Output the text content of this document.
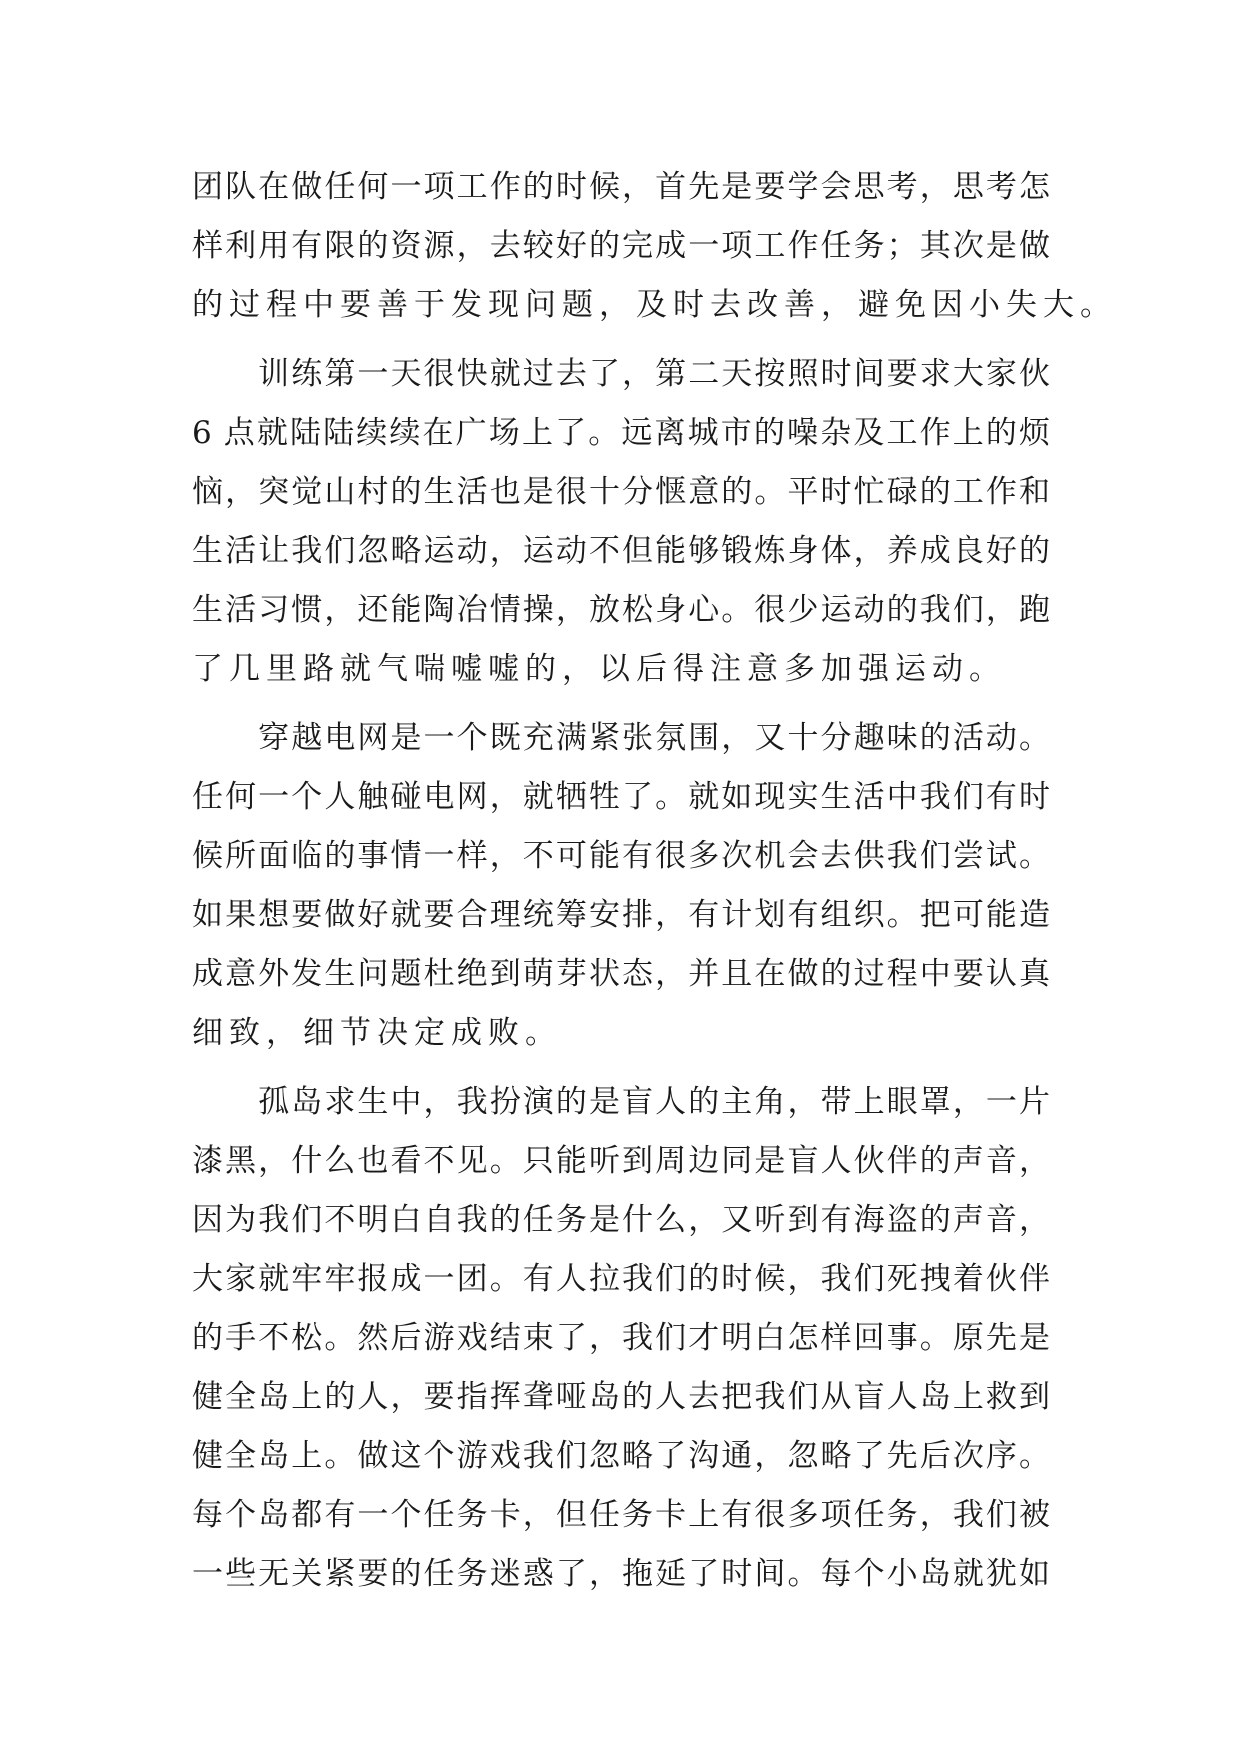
团队在做任何一项工作的时候，首先是要学会思考，思考怎
样利用有限的资源，去较好的完成一项工作任务；其次是做
的过程中要善于发现问题，及时去改善，避免因小失大。
　　训练第一天很快就过去了，第二天按照时间要求大家伙
6 点就陆陆续续在广场上了。远离城市的噪杂及工作上的烦
恼，突觉山村的生活也是很十分惬意的。平时忙碌的工作和
生活让我们忽略运动，运动不但能够锻炼身体，养成良好的
生活习惯，还能陶冶情操，放松身心。很少运动的我们，跑
了几里路就气喘嘘嘘的，以后得注意多加强运动。
　　穿越电网是一个既充满紧张氛围，又十分趣味的活动。
任何一个人触碰电网，就牺牲了。就如现实生活中我们有时
候所面临的事情一样，不可能有很多次机会去供我们尝试。
如果想要做好就要合理统筹安排，有计划有组织。把可能造
成意外发生问题杜绝到萌芽状态，并且在做的过程中要认真
细致，细节决定成败。
　　孤岛求生中，我扮演的是盲人的主角，带上眼罩，一片
漆黑，什么也看不见。只能听到周边同是盲人伙伴的声音，
因为我们不明白自我的任务是什么，又听到有海盗的声音，
大家就牢牢报成一团。有人拉我们的时候，我们死拽着伙伴
的手不松。然后游戏结束了，我们才明白怎样回事。原先是
健全岛上的人，要指挥聋哑岛的人去把我们从盲人岛上救到
健全岛上。做这个游戏我们忽略了沟通，忽略了先后次序。
每个岛都有一个任务卡，但任务卡上有很多项任务，我们被
一些无关紧要的任务迷惑了，拖延了时间。每个小岛就犹如
